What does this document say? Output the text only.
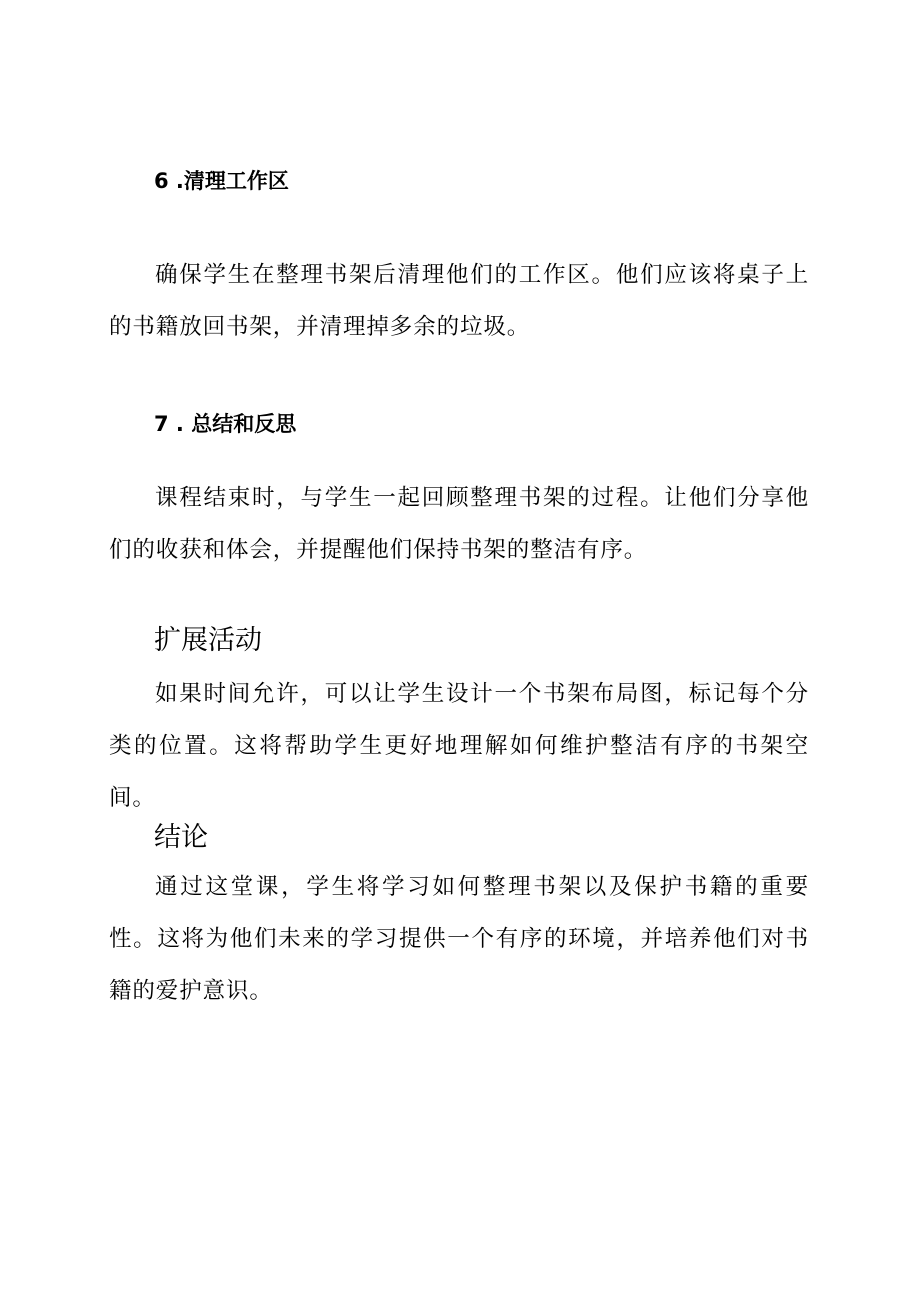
6 .清理工作区

确保学生在整理书架后清理他们的工作区。他们应该将桌子上的书籍放回书架，并清理掉多余的垃圾。

7 . 总结和反思

课程结束时，与学生一起回顾整理书架的过程。让他们分享他们的收获和体会，并提醒他们保持书架的整洁有序。

扩展活动

如果时间允许，可以让学生设计一个书架布局图，标记每个分类的位置。这将帮助学生更好地理解如何维护整洁有序的书架空间。

结论

通过这堂课，学生将学习如何整理书架以及保护书籍的重要性。这将为他们未来的学习提供一个有序的环境，并培养他们对书籍的爱护意识。
